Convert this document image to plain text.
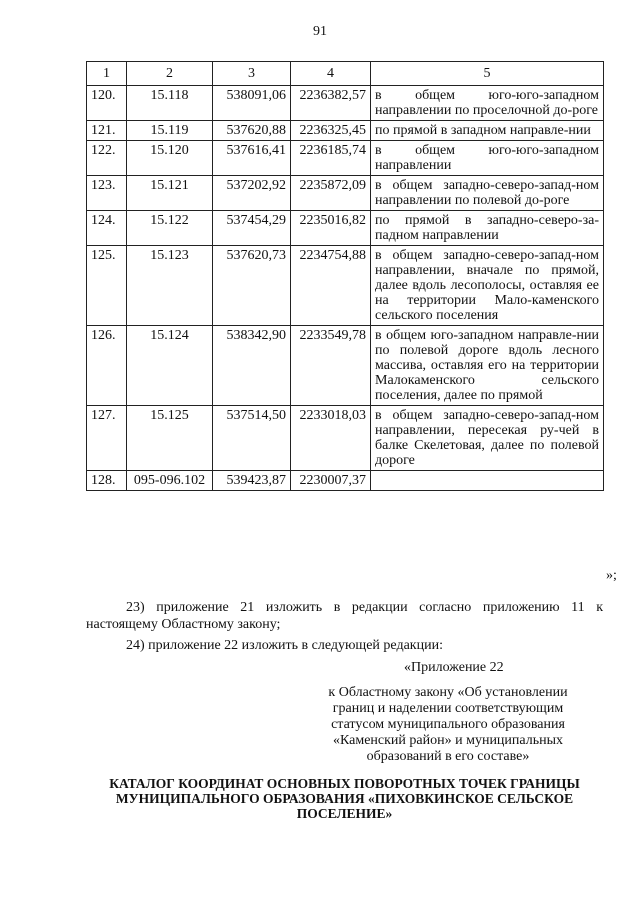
91
1	2	3	4	5
120.	15.118	538091,06	2236382,57	в общем юго-юго-западном направлении по проселочной до-роге
121.	15.119	537620,88	2236325,45	по прямой в западном направле-нии
122.	15.120	537616,41	2236185,74	в общем юго-юго-западном направлении
123.	15.121	537202,92	2235872,09	в общем западно-северо-запад-ном направлении по полевой до-роге
124.	15.122	537454,29	2235016,82	по прямой в западно-северо-за-падном направлении
125.	15.123	537620,73	2234754,88	в общем западно-северо-запад-ном направлении, вначале по прямой, далее вдоль лесополосы, оставляя ее на территории Мало-каменского сельского поселения
126.	15.124	538342,90	2233549,78	в общем юго-западном направле-нии по полевой дороге вдоль лесного массива, оставляя его на территории Малокаменского сельского поселения, далее по прямой
127.	15.125	537514,50	2233018,03	в общем западно-северо-запад-ном направлении, пересекая ру-чей в балке Скелетовая, далее по полевой дороге
128.	095-096.102	539423,87	2230007,37	
»;
23) приложение 21 изложить в редакции согласно приложению 11 к настоящему Областному закону;
24) приложение 22 изложить в следующей редакции:
«Приложение 22
к Областному закону «Об установлении границ и наделении соответствующим статусом муниципального образования «Каменский район» и муниципальных образований в его составе»
КАТАЛОГ КООРДИНАТ ОСНОВНЫХ ПОВОРОТНЫХ ТОЧЕК ГРАНИЦЫ МУНИЦИПАЛЬНОГО ОБРАЗОВАНИЯ «ПИХОВКИНСКОЕ СЕЛЬСКОЕ ПОСЕЛЕНИЕ»
